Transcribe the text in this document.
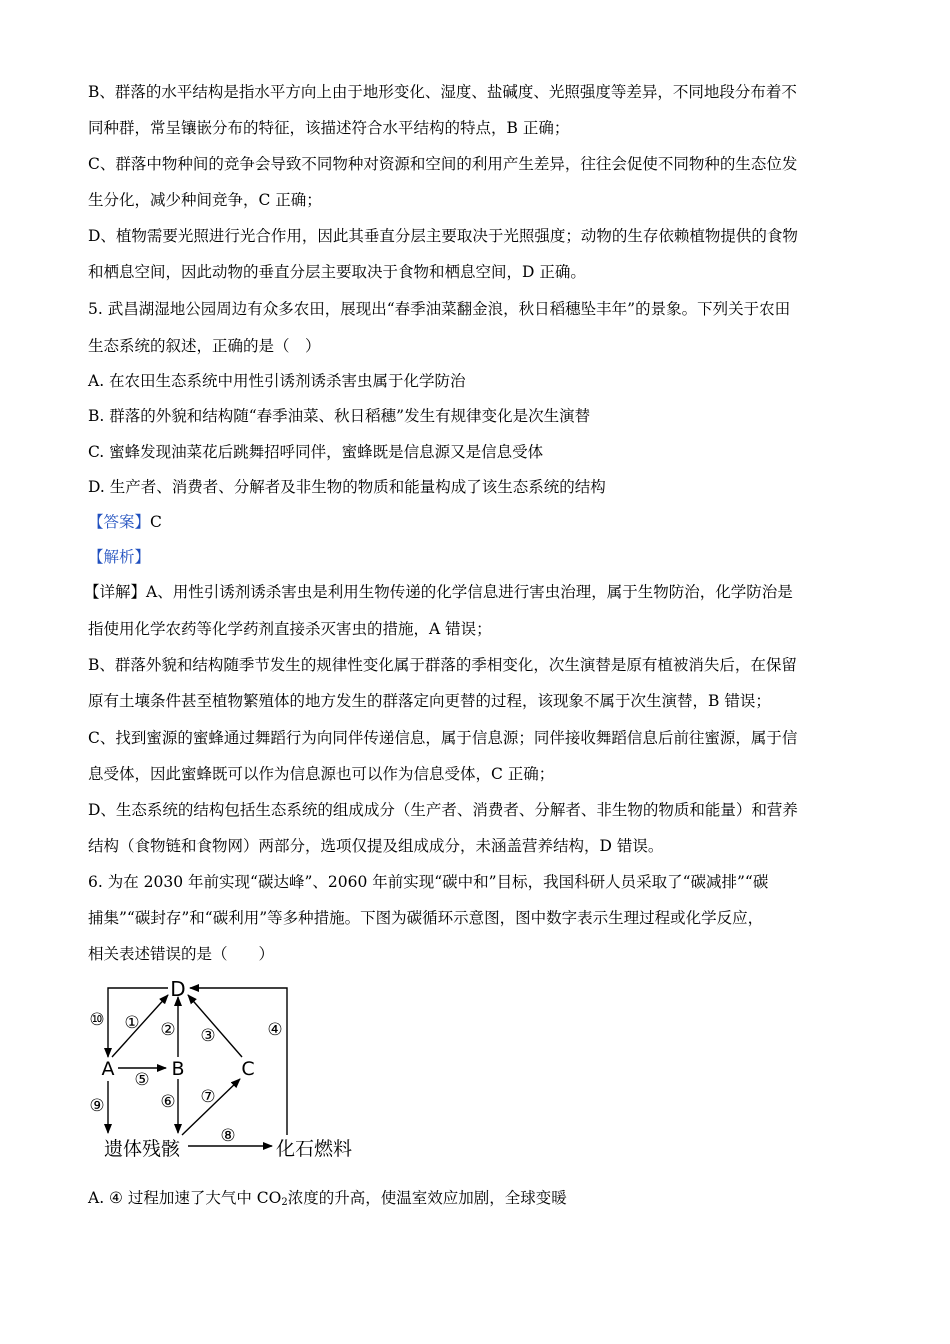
B、群落的水平结构是指水平方向上由于地形变化、湿度、盐碱度、光照强度等差异，不同地段分布着不
同种群，常呈镶嵌分布的特征，该描述符合水平结构的特点，B 正确；
C、群落中物种间的竞争会导致不同物种对资源和空间的利用产生差异，往往会促使不同物种的生态位发
生分化，减少种间竞争，C 正确；
D、植物需要光照进行光合作用，因此其垂直分层主要取决于光照强度；动物的生存依赖植物提供的食物
和栖息空间，因此动物的垂直分层主要取决于食物和栖息空间，D 正确。
5. 武昌湖湿地公园周边有众多农田，展现出“春季油菜翻金浪，秋日稻穗坠丰年”的景象。下列关于农田
生态系统的叙述，正确的是（　）
A. 在农田生态系统中用性引诱剂诱杀害虫属于化学防治
B. 群落的外貌和结构随“春季油菜、秋日稻穗”发生有规律变化是次生演替
C. 蜜蜂发现油菜花后跳舞招呼同伴，蜜蜂既是信息源又是信息受体
D. 生产者、消费者、分解者及非生物的物质和能量构成了该生态系统的结构
【答案】C
【解析】
【详解】A、用性引诱剂诱杀害虫是利用生物传递的化学信息进行害虫治理，属于生物防治，化学防治是
指使用化学农药等化学药剂直接杀灭害虫的措施，A 错误；
B、群落外貌和结构随季节发生的规律性变化属于群落的季相变化，次生演替是原有植被消失后，在保留
原有土壤条件甚至植物繁殖体的地方发生的群落定向更替的过程，该现象不属于次生演替，B 错误；
C、找到蜜源的蜜蜂通过舞蹈行为向同伴传递信息，属于信息源；同伴接收舞蹈信息后前往蜜源，属于信
息受体，因此蜜蜂既可以作为信息源也可以作为信息受体，C 正确；
D、生态系统的结构包括生态系统的组成成分（生产者、消费者、分解者、非生物的物质和能量）和营养
结构（食物链和食物网）两部分，选项仅提及组成成分，未涵盖营养结构，D 错误。
6. 为在 2030 年前实现“碳达峰”、2060 年前实现“碳中和”目标，我国科研人员采取了“碳减排”“碳
捕集”“碳封存”和“碳利用”等多种措施。下图为碳循环示意图，图中数字表示生理过程或化学反应，
相关表述错误的是（　　）
D
A	B	C
遗体残骸	化石燃料
① ② ③	④
⑤
⑥ ⑦
⑧
⑨
⑩
A. ④ 过程加速了大气中 $CO_2$浓度的升高，使温室效应加剧，全球变暖
